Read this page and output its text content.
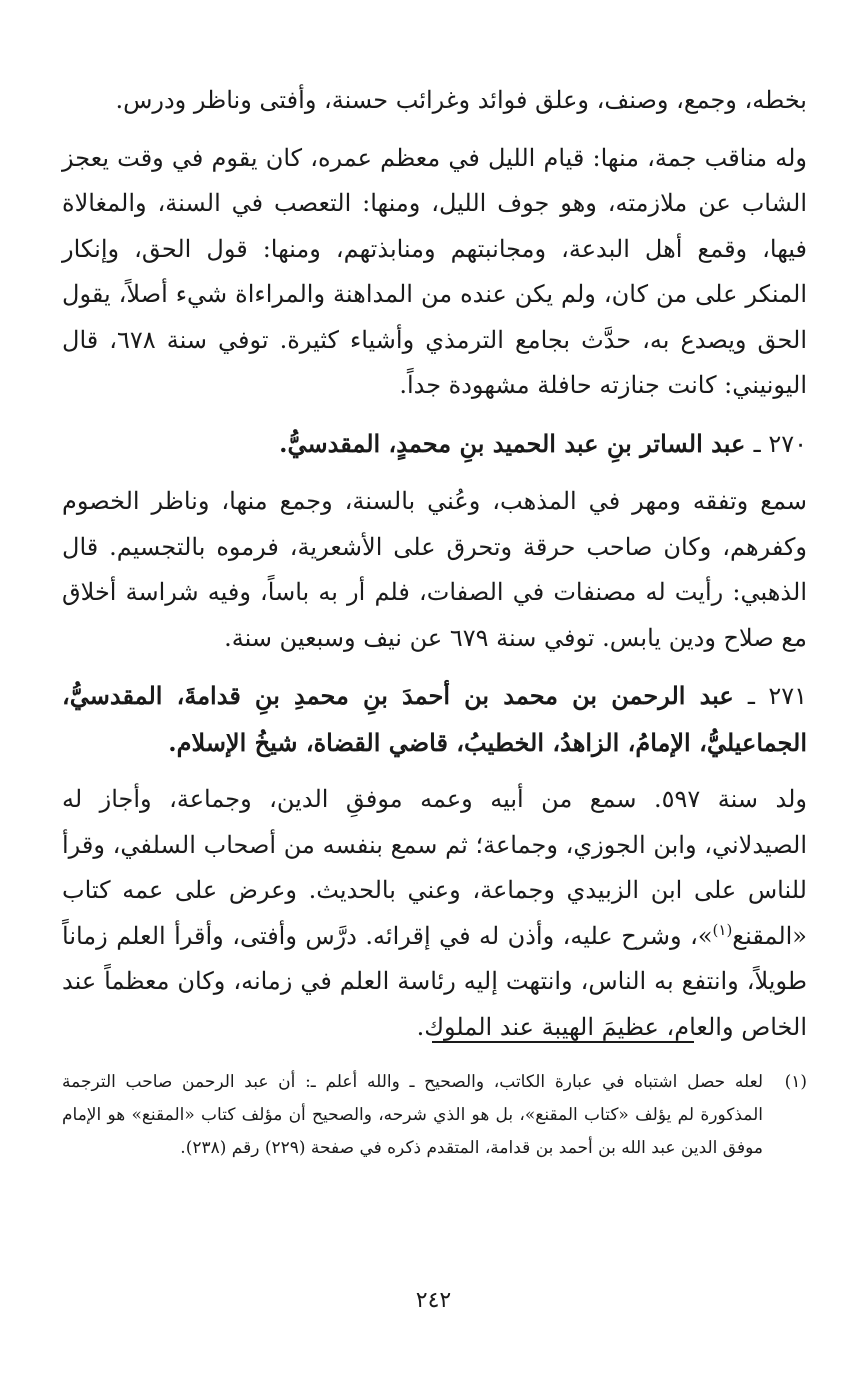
بخطه، وجمع، وصنف، وعلق فوائد وغرائب حسنة، وأفتى وناظر ودرس.

وله مناقب جمة، منها: قيام الليل في معظم عمره، كان يقوم في وقت يعجز الشاب عن ملازمته، وهو جوف الليل، ومنها: التعصب في السنة، والمغالاة فيها، وقمع أهل البدعة، ومجانبتهم ومنابذتهم، ومنها: قول الحق، وإنكار المنكر على من كان، ولم يكن عنده من المداهنة والمراءاة شيء أصلاً، يقول الحق ويصدع به، حدَّث بجامع الترمذي وأشياء كثيرة. توفي سنة ٦٧٨، قال اليونيني: كانت جنازته حافلة مشهودة جداً.

٢٧٠ ـ عبد الساتر بنِ عبد الحميد بنِ محمدٍ، المقدسيُّ.

سمع وتفقه ومهر في المذهب، وعُني بالسنة، وجمع منها، وناظر الخصوم وكفرهم، وكان صاحب حرقة وتحرق على الأشعرية، فرموه بالتجسيم. قال الذهبي: رأيت له مصنفات في الصفات، فلم أر به باساً، وفيه شراسة أخلاق مع صلاح ودين يابس. توفي سنة ٦٧٩ عن نيف وسبعين سنة.

٢٧١ ـ عبد الرحمن بن محمد بن أحمدَ بنِ محمدِ بنِ قدامةَ، المقدسيُّ، الجماعيليُّ، الإمامُ، الزاهدُ، الخطيبُ، قاضي القضاة، شيخُ الإسلام.

ولد سنة ٥٩٧. سمع من أبيه وعمه موفقِ الدين، وجماعة، وأجاز له الصيدلاني، وابن الجوزي، وجماعة؛ ثم سمع بنفسه من أصحاب السلفي، وقرأ للناس على ابن الزبيدي وجماعة، وعني بالحديث. وعرض على عمه كتاب «المقنع$^{(١)}$»، وشرح عليه، وأذن له في إقرائه. درَّس وأفتى، وأقرأ العلم زماناً طويلاً، وانتفع به الناس، وانتهت إليه رئاسة العلم في زمانه، وكان معظماً عند الخاص والعام، عظيمَ الهيبة عند الملوك.

(١)
لعله حصل اشتباه في عبارة الكاتب، والصحيح ـ والله أعلم ـ: أن عبد الرحمن صاحب الترجمة المذكورة لم يؤلف «كتاب المقنع»، بل هو الذي شرحه، والصحيح أن مؤلف كتاب «المقنع» هو الإمام موفق الدين عبد الله بن أحمد بن قدامة، المتقدم ذكره في صفحة (٢٢٩) رقم (٢٣٨).
٢٤٢
